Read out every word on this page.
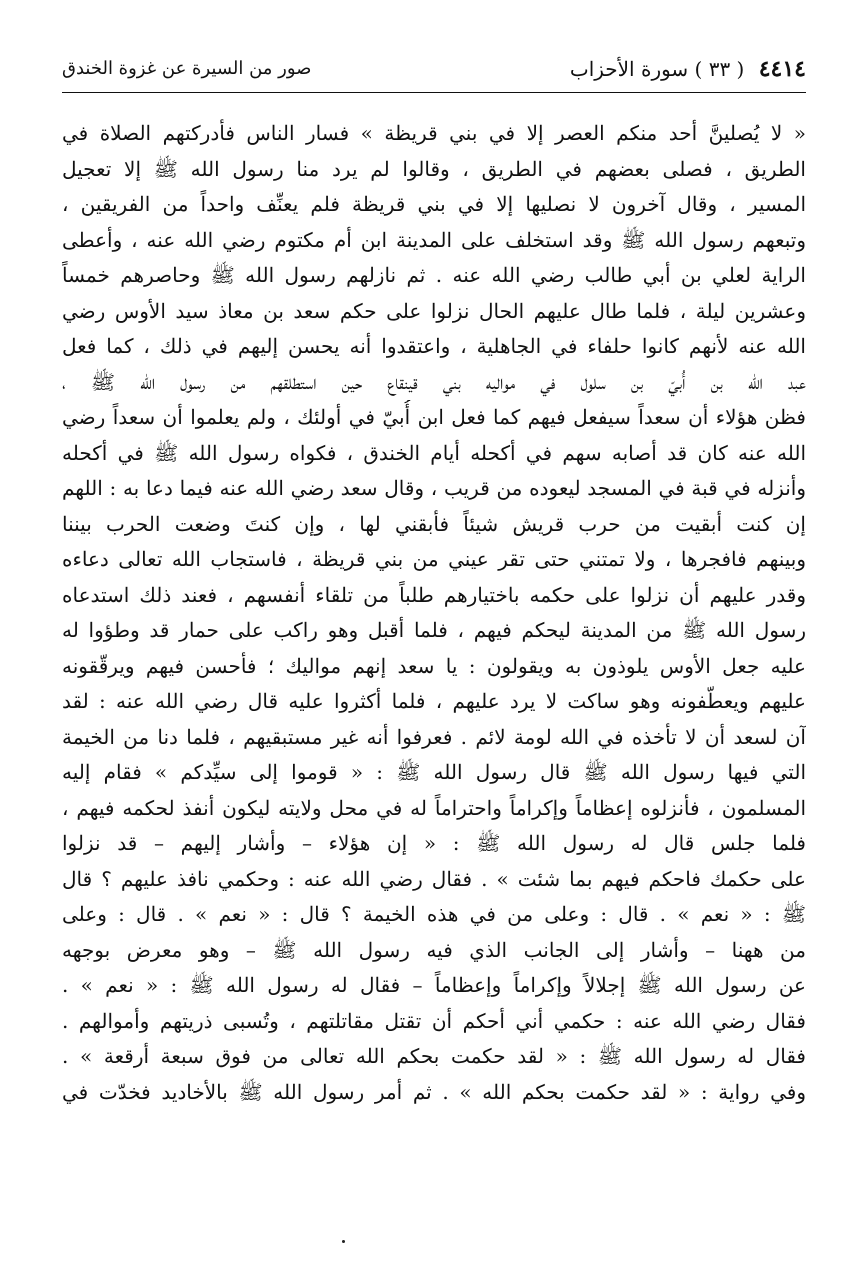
٤٤١٤ ( ٣٣ ) سورة الأحزاب
صور من السيرة عن غزوة الخندق
« لا يُصلينَّ أحد منكم العصر إلا في بني قريظة » فسار الناس فأدركتهم الصلاة في
الطريق ، فصلى بعضهم في الطريق ، وقالوا لم يرد منا رسول الله ﷺ إلا تعجيل
المسير ، وقال آخرون لا نصليها إلا في بني قريظة فلم يعنِّف واحداً من الفريقين ،
وتبعهم رسول الله ﷺ وقد استخلف على المدينة ابن أم مكتوم رضي الله عنه ، وأعطى
الراية لعلي بن أبي طالب رضي الله عنه . ثم نازلهم رسول الله ﷺ وحاصرهم خمساً
وعشرين ليلة ، فلما طال عليهم الحال نزلوا على حكم سعد بن معاذ سيد الأوس رضي
الله عنه لأنهم كانوا حلفاء في الجاهلية ، واعتقدوا أنه يحسن إليهم في ذلك ، كما فعل
عبد الله بن أُبيّ بن سلول في مواليه بني قينقاع حين استطلقهم من رسول الله ﷺ ،
فظن هؤلاء أن سعداً سيفعل فيهم كما فعل ابن أُبيّ في أولئك ، ولم يعلموا أن سعداً رضي
الله عنه كان قد أصابه سهم في أكحله أيام الخندق ، فكواه رسول الله ﷺ في أكحله
وأنزله في قبة في المسجد ليعوده من قريب ، وقال سعد رضي الله عنه فيما دعا به : اللهم
إن كنت أبقيت من حرب قريش شيئاً فأبقني لها ، وإن كنتَ وضعت الحرب بيننا
وبينهم فافجرها ، ولا تمتني حتى تقر عيني من بني قريظة ، فاستجاب الله تعالى دعاءه
وقدر عليهم أن نزلوا على حكمه باختيارهم طلباً من تلقاء أنفسهم ، فعند ذلك استدعاه
رسول الله ﷺ من المدينة ليحكم فيهم ، فلما أقبل وهو راكب على حمار قد وطؤوا له
عليه جعل الأوس يلوذون به ويقولون : يا سعد إنهم مواليك ؛ فأحسن فيهم ويرقّقونه
عليهم ويعطّفونه وهو ساكت لا يرد عليهم ، فلما أكثروا عليه قال رضي الله عنه : لقد
آن لسعد أن لا تأخذه في الله لومة لائم . فعرفوا أنه غير مستبقيهم ، فلما دنا من الخيمة
التي فيها رسول الله ﷺ قال رسول الله ﷺ : « قوموا إلى سيِّدكم » فقام إليه
المسلمون ، فأنزلوه إعظاماً وإكراماً واحتراماً له في محل ولايته ليكون أنفذ لحكمه فيهم ،
فلما جلس قال له رسول الله ﷺ : « إن هؤلاء – وأشار إليهم – قد نزلوا
على حكمك فاحكم فيهم بما شئت » . فقال رضي الله عنه : وحكمي نافذ عليهم ؟ قال
ﷺ : « نعم » . قال : وعلى من في هذه الخيمة ؟ قال : « نعم » . قال : وعلى
من ههنا – وأشار إلى الجانب الذي فيه رسول الله ﷺ – وهو معرض بوجهه
عن رسول الله ﷺ إجلالاً وإكراماً وإعظاماً – فقال له رسول الله ﷺ : « نعم » .
فقال رضي الله عنه : حكمي أني أحكم أن تقتل مقاتلتهم ، وتُسبى ذريتهم وأموالهم .
فقال له رسول الله ﷺ : « لقد حكمت بحكم الله تعالى من فوق سبعة أرقعة » .
وفي رواية : « لقد حكمت بحكم الله » . ثم أمر رسول الله ﷺ بالأخاديد فخدّت في
